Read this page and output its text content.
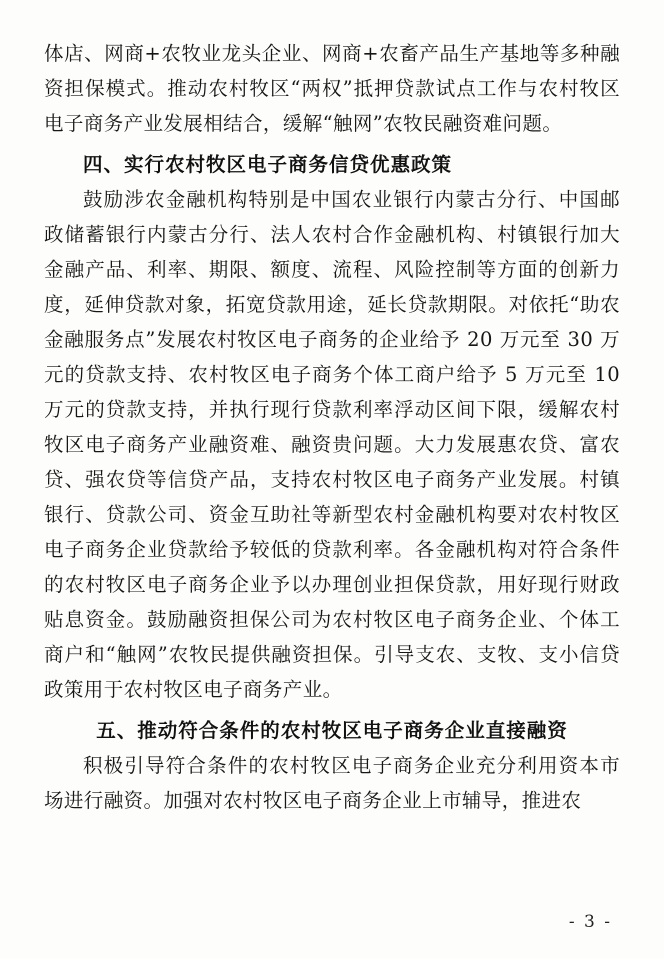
体店、网商+农牧业龙头企业、网商+农畜产品生产基地等多种融资担保模式。推动农村牧区“两权”抵押贷款试点工作与农村牧区电子商务产业发展相结合，缓解“触网”农牧民融资难问题。

四、实行农村牧区电子商务信贷优惠政策

鼓励涉农金融机构特别是中国农业银行内蒙古分行、中国邮政储蓄银行内蒙古分行、法人农村合作金融机构、村镇银行加大金融产品、利率、期限、额度、流程、风险控制等方面的创新力度，延伸贷款对象，拓宽贷款用途，延长贷款期限。对依托“助农金融服务点”发展农村牧区电子商务的企业给予 20 万元至 30 万元的贷款支持、农村牧区电子商务个体工商户给予 5 万元至 10 万元的贷款支持，并执行现行贷款利率浮动区间下限，缓解农村牧区电子商务产业融资难、融资贵问题。大力发展惠农贷、富农贷、强农贷等信贷产品，支持农村牧区电子商务产业发展。村镇银行、贷款公司、资金互助社等新型农村金融机构要对农村牧区电子商务企业贷款给予较低的贷款利率。各金融机构对符合条件的农村牧区电子商务企业予以办理创业担保贷款，用好现行财政贴息资金。鼓励融资担保公司为农村牧区电子商务企业、个体工商户和“触网”农牧民提供融资担保。引导支农、支牧、支小信贷政策用于农村牧区电子商务产业。

五、推动符合条件的农村牧区电子商务企业直接融资

积极引导符合条件的农村牧区电子商务企业充分利用资本市场进行融资。加强对农村牧区电子商务企业上市辅导，推进农

- 3 -
